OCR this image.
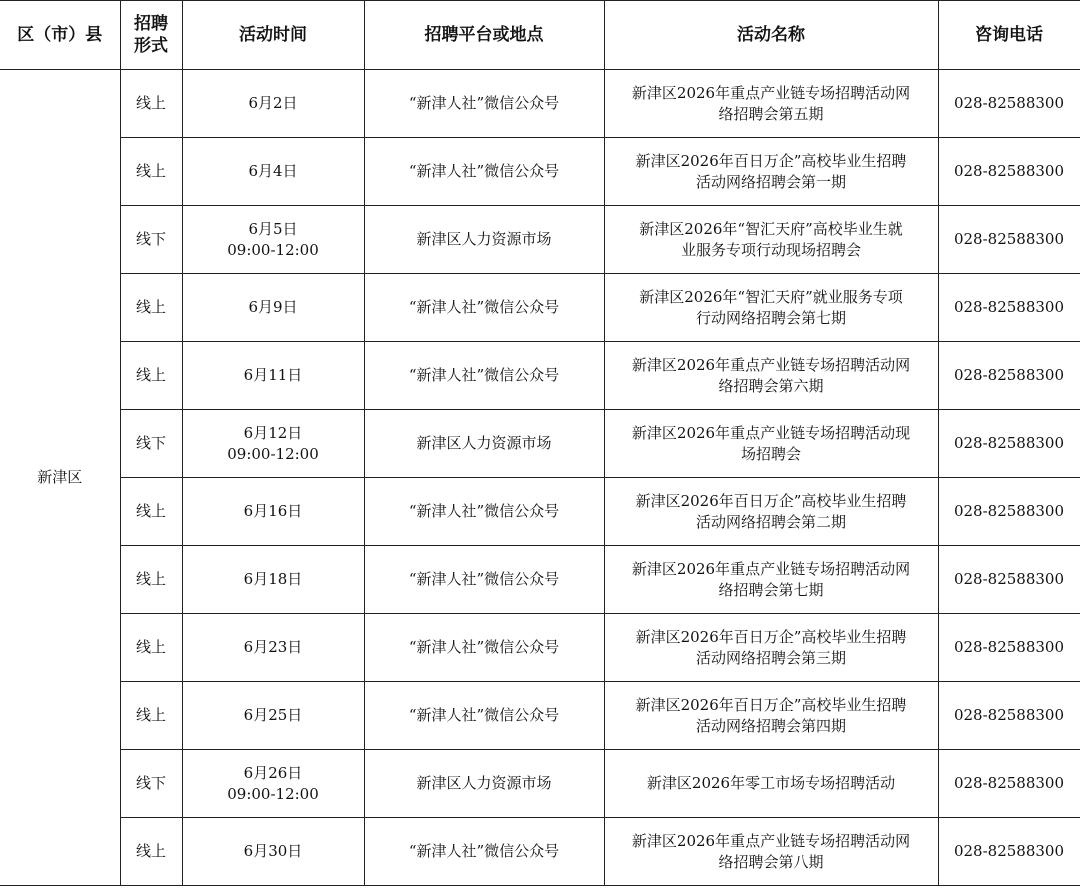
区（市）县	招聘
形式	活动时间	招聘平台或地点	活动名称	咨询电话
新津区	线上	6月2日	“新津人社”微信公众号	新津区2026年重点产业链专场招聘活动网
络招聘会第五期	028-82588300
	线上	6月4日	“新津人社”微信公众号	新津区2026年百日万企”高校毕业生招聘
活动网络招聘会第一期	028-82588300
	线下	6月5日
09:00-12:00	新津区人力资源市场	新津区2026年“智汇天府”高校毕业生就
业服务专项行动现场招聘会	028-82588300
	线上	6月9日	“新津人社”微信公众号	新津区2026年“智汇天府”就业服务专项
行动网络招聘会第七期	028-82588300
	线上	6月11日	“新津人社”微信公众号	新津区2026年重点产业链专场招聘活动网
络招聘会第六期	028-82588300
	线下	6月12日
09:00-12:00	新津区人力资源市场	新津区2026年重点产业链专场招聘活动现
场招聘会	028-82588300
	线上	6月16日	“新津人社”微信公众号	新津区2026年百日万企”高校毕业生招聘
活动网络招聘会第二期	028-82588300
	线上	6月18日	“新津人社”微信公众号	新津区2026年重点产业链专场招聘活动网
络招聘会第七期	028-82588300
	线上	6月23日	“新津人社”微信公众号	新津区2026年百日万企”高校毕业生招聘
活动网络招聘会第三期	028-82588300
	线上	6月25日	“新津人社”微信公众号	新津区2026年百日万企”高校毕业生招聘
活动网络招聘会第四期	028-82588300
	线下	6月26日
09:00-12:00	新津区人力资源市场	新津区2026年零工市场专场招聘活动	028-82588300
	线上	6月30日	“新津人社”微信公众号	新津区2026年重点产业链专场招聘活动网
络招聘会第八期	028-82588300
